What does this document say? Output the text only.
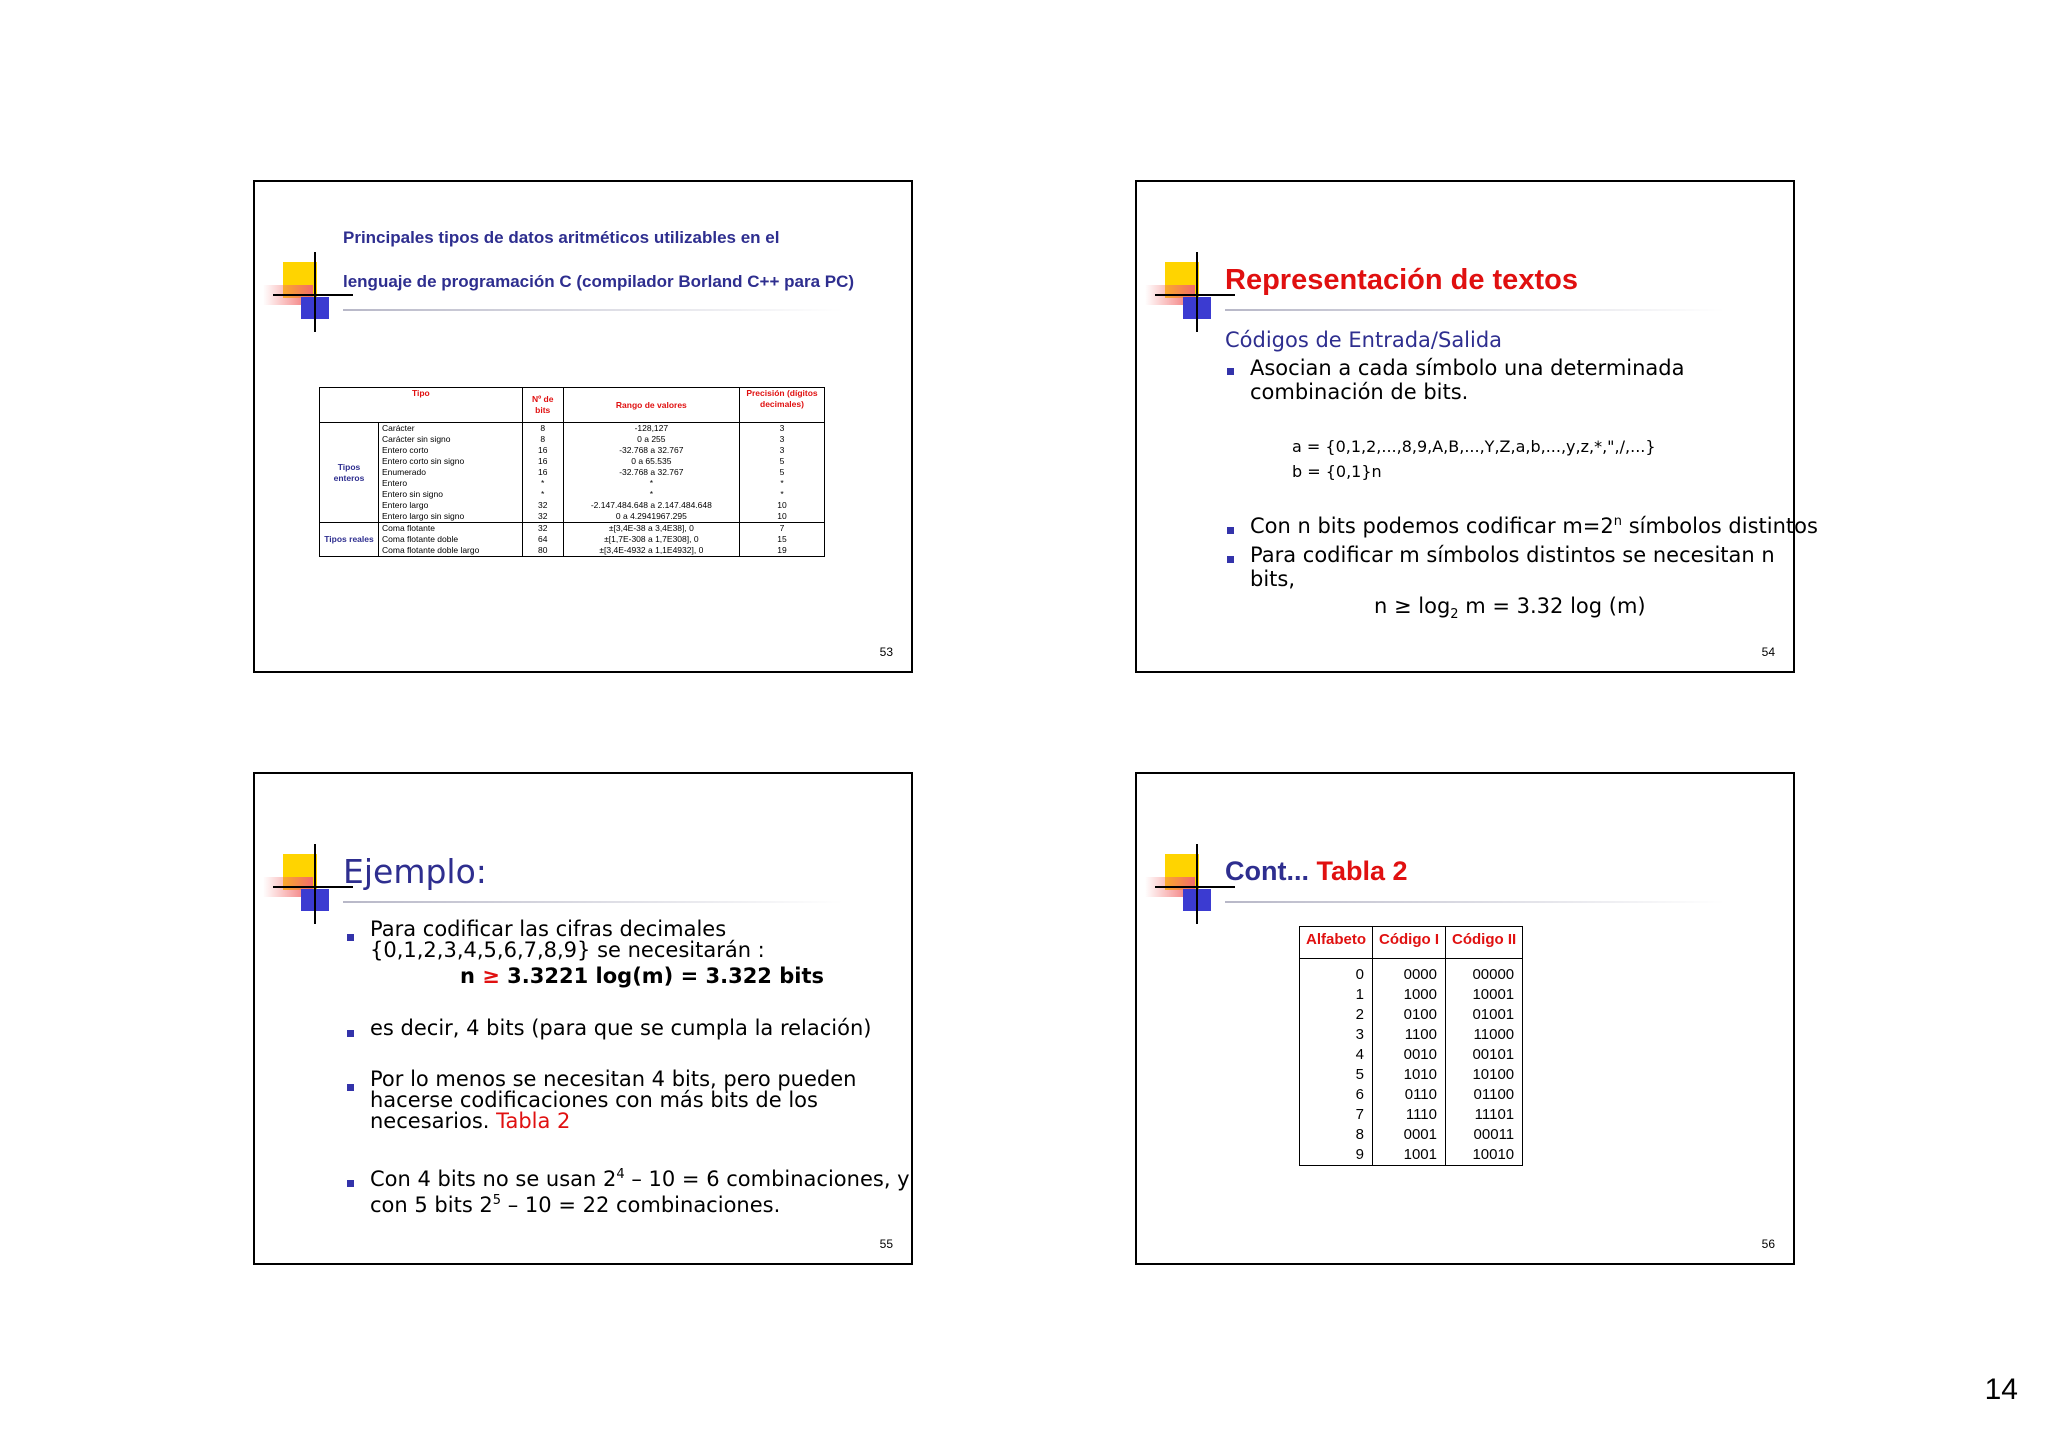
Principales tipos de datos aritméticos utilizables en el
lenguaje de programación C (compilador Borland C++ para PC)
Tipo		Nº de bits	Rango de valores	Precisión (dígitos decimales)
Tipos enteros	Carácter	8	-128,127	3
	Carácter sin signo	8	0 a 255	3
	Entero corto	16	-32.768 a 32.767	3
	Entero corto sin signo	16	0 a 65.535	5
	Enumerado	16	-32.768 a 32.767	5
	Entero	*	*	*
	Entero sin signo	*	*	*
	Entero largo	32	-2.147.484.648 a 2.147.484.648	10
	Entero largo sin signo	32	0 a 4.2941967.295	10
Tipos reales	Coma flotante	32	±[3,4E-38 a 3,4E38], 0	7
	Coma flotante doble	64	±[1,7E-308 a 1,7E308], 0	15
	Coma flotante doble largo	80	±[3,4E-4932 a 1,1E4932], 0	19
53
Representación de textos
Códigos de Entrada/Salida
Asocian a cada símbolo una determinada
combinación de bits.
a = {0,1,2,...,8,9,A,B,...,Y,Z,a,b,...,y,z,*,",/,...}
b = {0,1}n
Con n bits podemos codificar $m=2^n$ símbolos distintos
Para codificar m símbolos distintos se necesitan n
bits,
$n \ge \log_2 m = 3.32$ log (m)
54
Ejemplo:
Para codificar las cifras decimales
{0,1,2,3,4,5,6,7,8,9} se necesitarán :
n ≥ 3.3221 log(m) = 3.322 bits
es decir, 4 bits (para que se cumpla la relación)
Por lo menos se necesitan 4 bits, pero pueden
hacerse codificaciones con más bits de los
necesarios. Tabla 2
Con 4 bits no se usan $2^4 - 10 = 6$ combinaciones, y
con 5 bits $2^5 - 10 = 22$ combinaciones.
55
Cont... Tabla 2
Alfabeto	Código I	Código II
0	0000	00000
1	1000	10001
2	0100	01001
3	1100	11000
4	0010	00101
5	1010	10100
6	0110	01100
7	1110	11101
8	0001	00011
9	1001	10010
56
14
